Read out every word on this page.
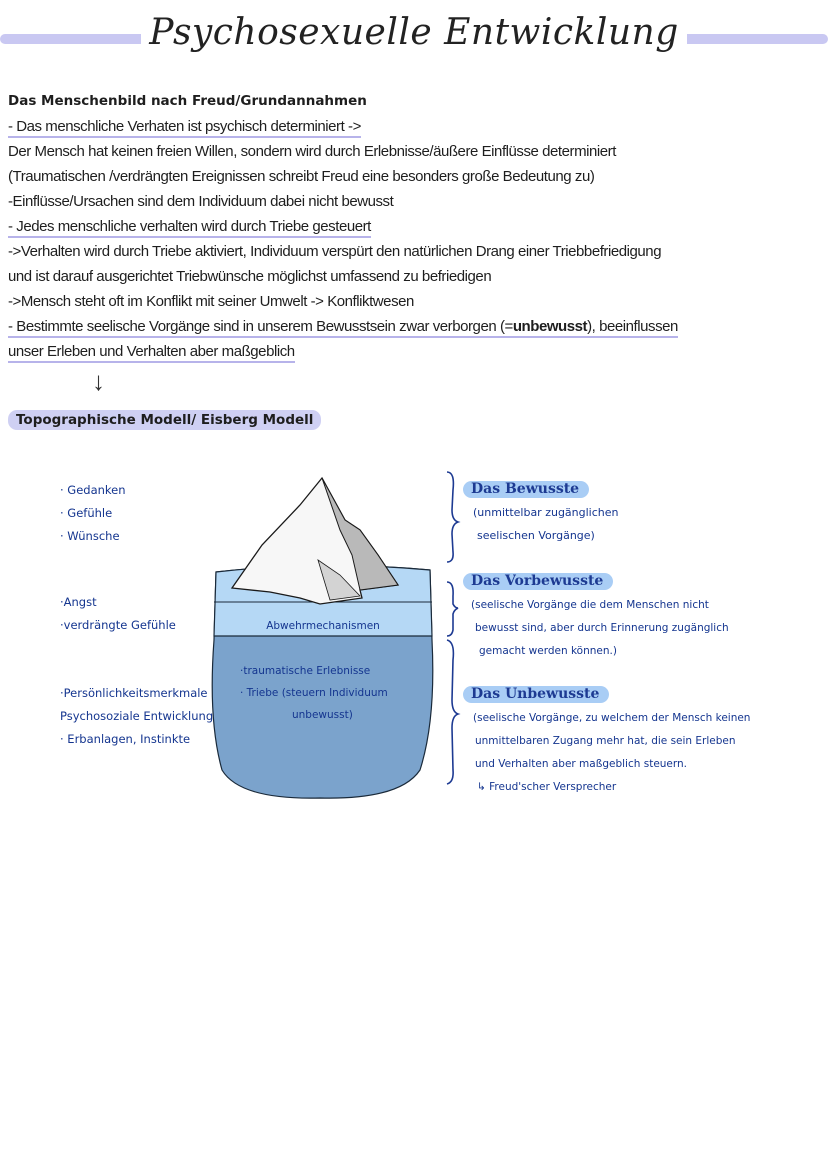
Psychosexuelle Entwicklung
Das Menschenbild nach Freud/Grundannahmen
- Das menschliche Verhaten ist psychisch determiniert ->
Der Mensch hat keinen freien Willen, sondern wird durch Erlebnisse/äußere Einflüsse determiniert
(Traumatischen /verdrängten Ereignissen schreibt Freud eine besonders große Bedeutung zu)
-Einflüsse/Ursachen sind dem Individuum dabei nicht bewusst
- Jedes menschliche verhalten wird durch Triebe gesteuert
->Verhalten wird durch Triebe aktiviert, Individuum verspürt den natürlichen Drang einer Triebbefriedigung
und ist darauf ausgerichtet Triebwünsche möglichst umfassend zu befriedigen
->Mensch steht oft im Konflikt mit seiner Umwelt -> Konfliktwesen
- Bestimmte seelische Vorgänge sind in unserem Bewusstsein zwar verborgen (=unbewusst), beeinflussen
unser Erleben und Verhalten aber maßgeblich
↓
Topographische Modell/ Eisberg Modell
· Gedanken
· Gefühle
· Wünsche
·Angst
·verdrängte Gefühle
·Persönlichkeitsmerkmale
Psychosoziale Entwicklung
· Erbanlagen, Instinkte
Abwehrmechanismen
·traumatische Erlebnisse
· Triebe (steuern Individuum
unbewusst)
Das Bewusste
(unmittelbar zugänglichen
seelischen Vorgänge)
Das Vorbewusste
(seelische Vorgänge die dem Menschen nicht
bewusst sind, aber durch Erinnerung zugänglich
gemacht werden können.)
Das Unbewusste
(seelische Vorgänge, zu welchem der Mensch keinen
unmittelbaren Zugang mehr hat, die sein Erleben
und Verhalten aber maßgeblich steuern.
↳ Freud'scher Versprecher
